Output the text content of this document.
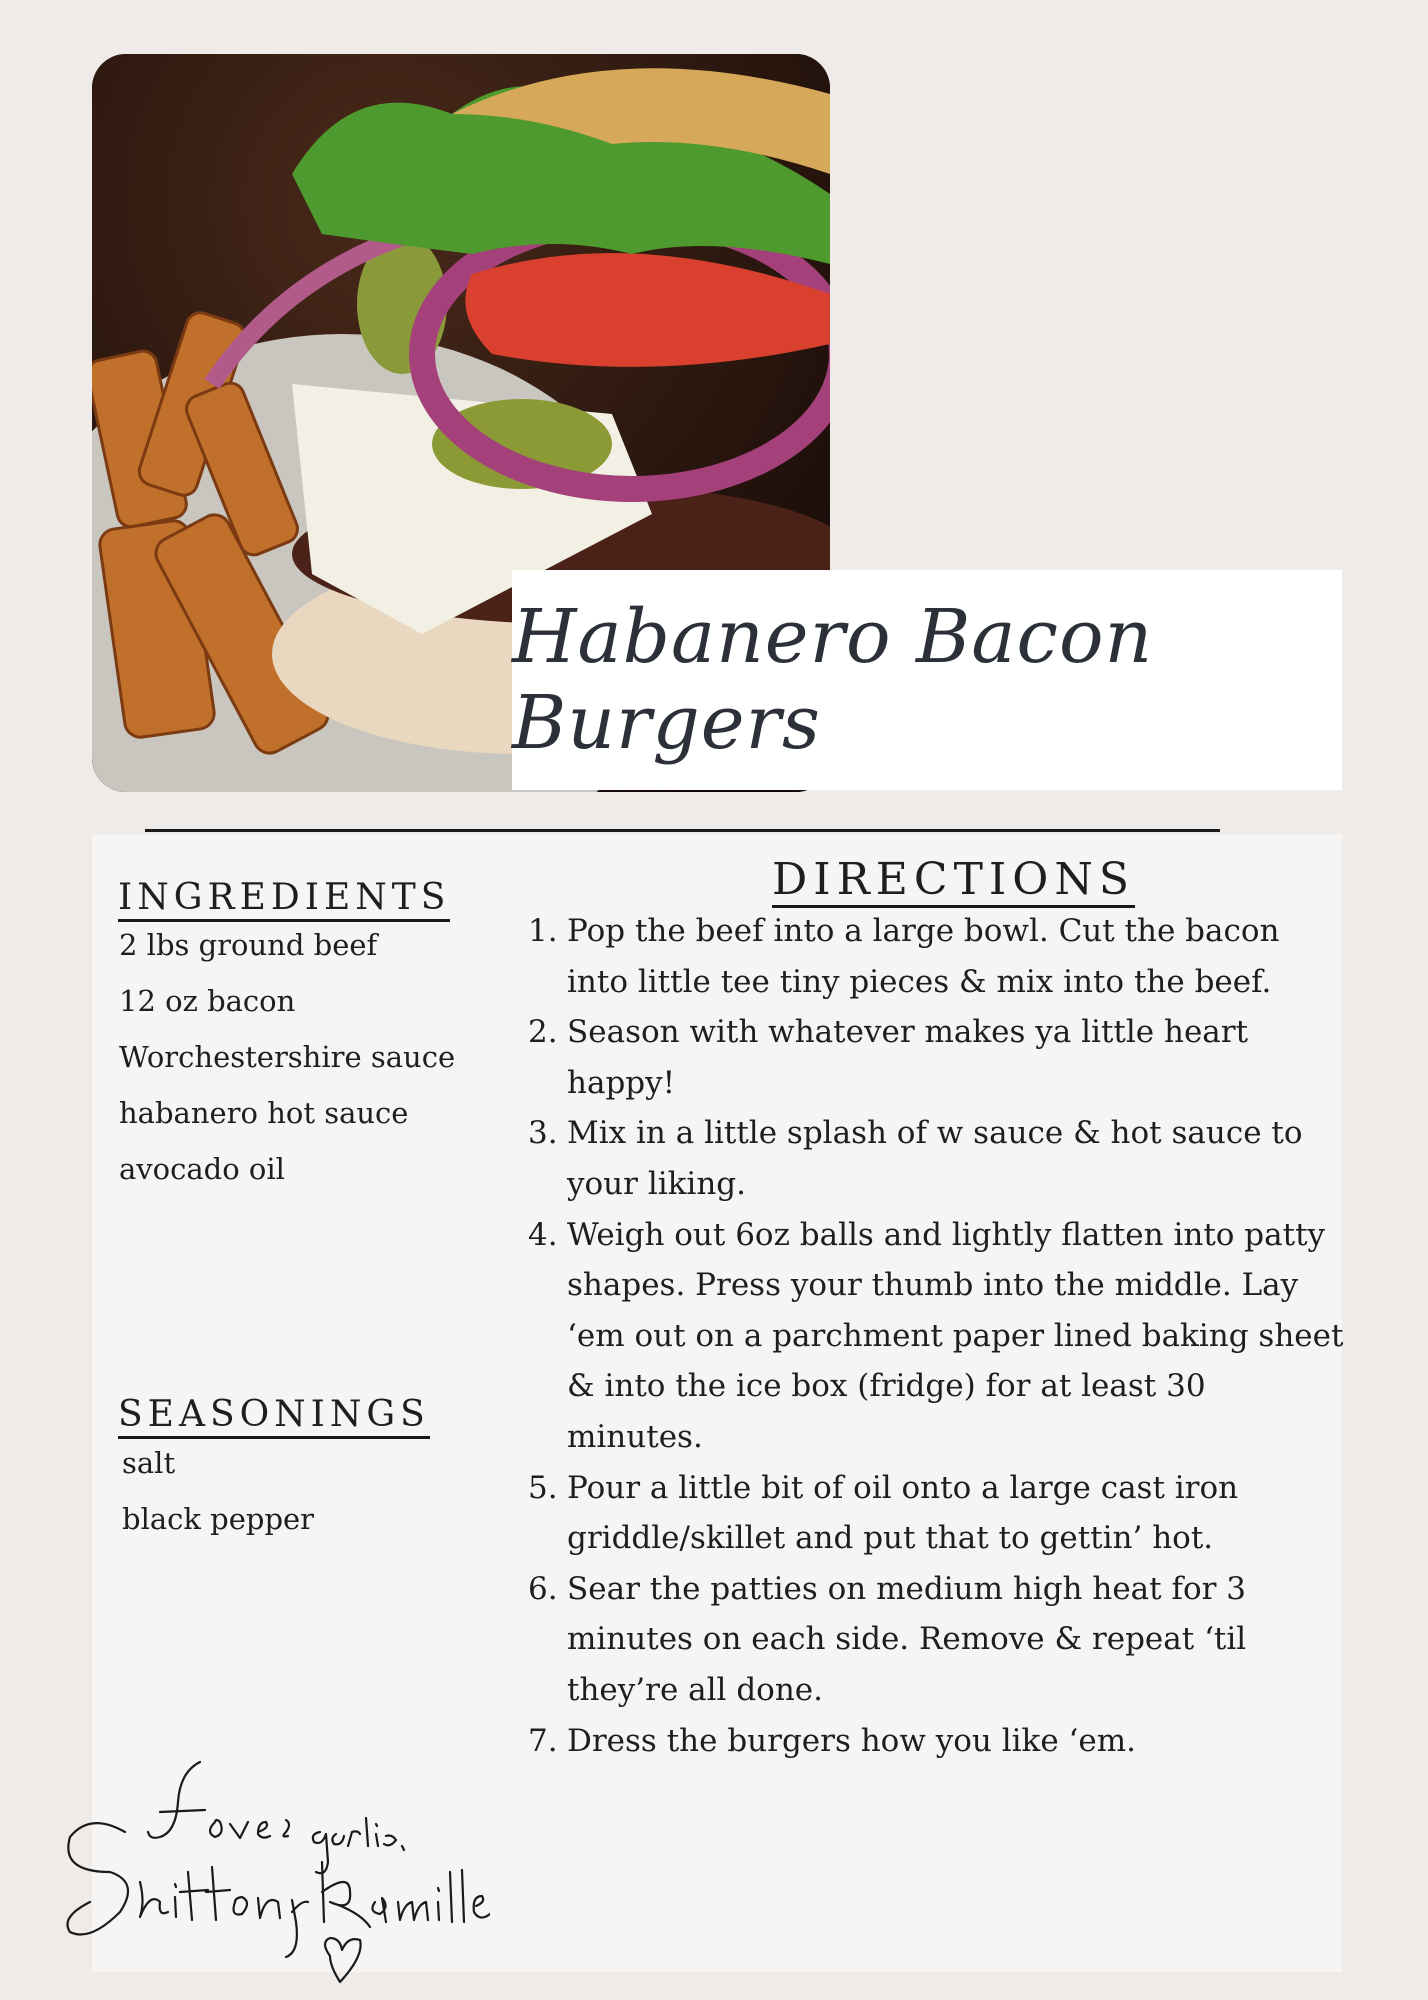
Habanero Bacon Burgers
INGREDIENTS
2 lbs ground beef
12 oz bacon
Worchestershire sauce
habanero hot sauce
avocado oil
SEASONINGS
salt
black pepper
DIRECTIONS
1. Pop the beef into a large bowl. Cut the bacon into little tee tiny pieces & mix into the beef.
2. Season with whatever makes ya little heart happy!
3. Mix in a little splash of w sauce & hot sauce to your liking.
4. Weigh out 6oz balls and lightly flatten into patty shapes. Press your thumb into the middle. Lay ‘em out on a parchment paper lined baking sheet & into the ice box (fridge) for at least 30 minutes.
5. Pour a little bit of oil onto a large cast iron griddle/skillet and put that to gettin’ hot.
6. Sear the patties on medium high heat for 3 minutes on each side. Remove & repeat ‘til they’re all done.
7. Dress the burgers how you like ‘em.
